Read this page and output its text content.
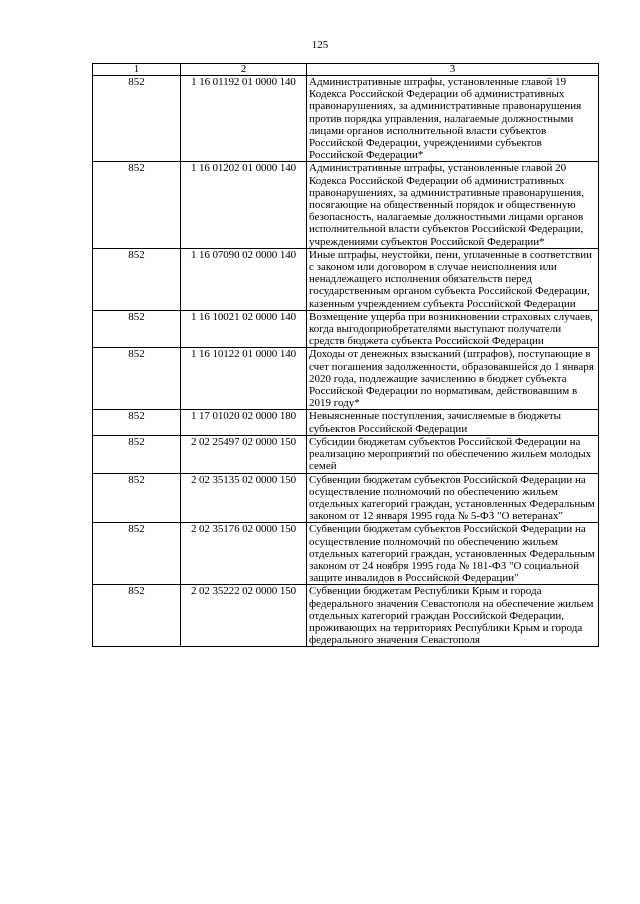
125
1	2	3
852	1 16 01192 01 0000 140	Административные штрафы, установленные главой 19 Кодекса Российской Федерации об административных правонарушениях, за административные правонарушения против порядка управления, налагаемые должностными лицами органов исполнительной власти субъектов Российской Федерации, учреждениями субъектов Российской Федерации*
852	1 16 01202 01 0000 140	Административные штрафы, установленные главой 20 Кодекса Российской Федерации об административных правонарушениях, за административные правонарушения, посягающие на общественный порядок и общественную безопасность, налагаемые должностными лицами органов исполнительной власти субъектов Российской Федерации, учреждениями субъектов Российской Федерации*
852	1 16 07090 02 0000 140	Иные штрафы, неустойки, пени, уплаченные в соответствии с законом или договором в случае неисполнения или ненадлежащего исполнения обязательств перед государственным органом субъекта Российской Федерации, казенным учреждением субъекта Российской Федерации
852	1 16 10021 02 0000 140	Возмещение ущерба при возникновении страховых случаев, когда выгодоприобретателями выступают получатели средств бюджета субъекта Российской Федерации
852	1 16 10122 01 0000 140	Доходы от денежных взысканий (штрафов), поступающие в счет погашения задолженности, образовавшейся до 1 января 2020 года, подлежащие зачислению в бюджет субъекта Российской Федерации по нормативам, действовавшим в 2019 году*
852	1 17 01020 02 0000 180	Невыясненные поступления, зачисляемые в бюджеты субъектов Российской Федерации
852	2 02 25497 02 0000 150	Субсидии бюджетам субъектов Российской Федерации на реализацию мероприятий по обеспечению жильем молодых семей
852	2 02 35135 02 0000 150	Субвенции бюджетам субъектов Российской Федерации на осуществление полномочий по обеспечению жильем отдельных категорий граждан, установленных Федеральным законом от 12 января 1995 года № 5-ФЗ "О ветеранах"
852	2 02 35176 02 0000 150	Субвенции бюджетам субъектов Российской Федерации на осуществление полномочий по обеспечению жильем отдельных категорий граждан, установленных Федеральным законом от 24 ноября 1995 года № 181-ФЗ "О социальной защите инвалидов в Российской Федерации"
852	2 02 35222 02 0000 150	Субвенции бюджетам Республики Крым и города федерального значения Севастополя на обеспечение жильем отдельных категорий граждан Российской Федерации, проживающих на территориях Республики Крым и города федерального значения Севастополя
